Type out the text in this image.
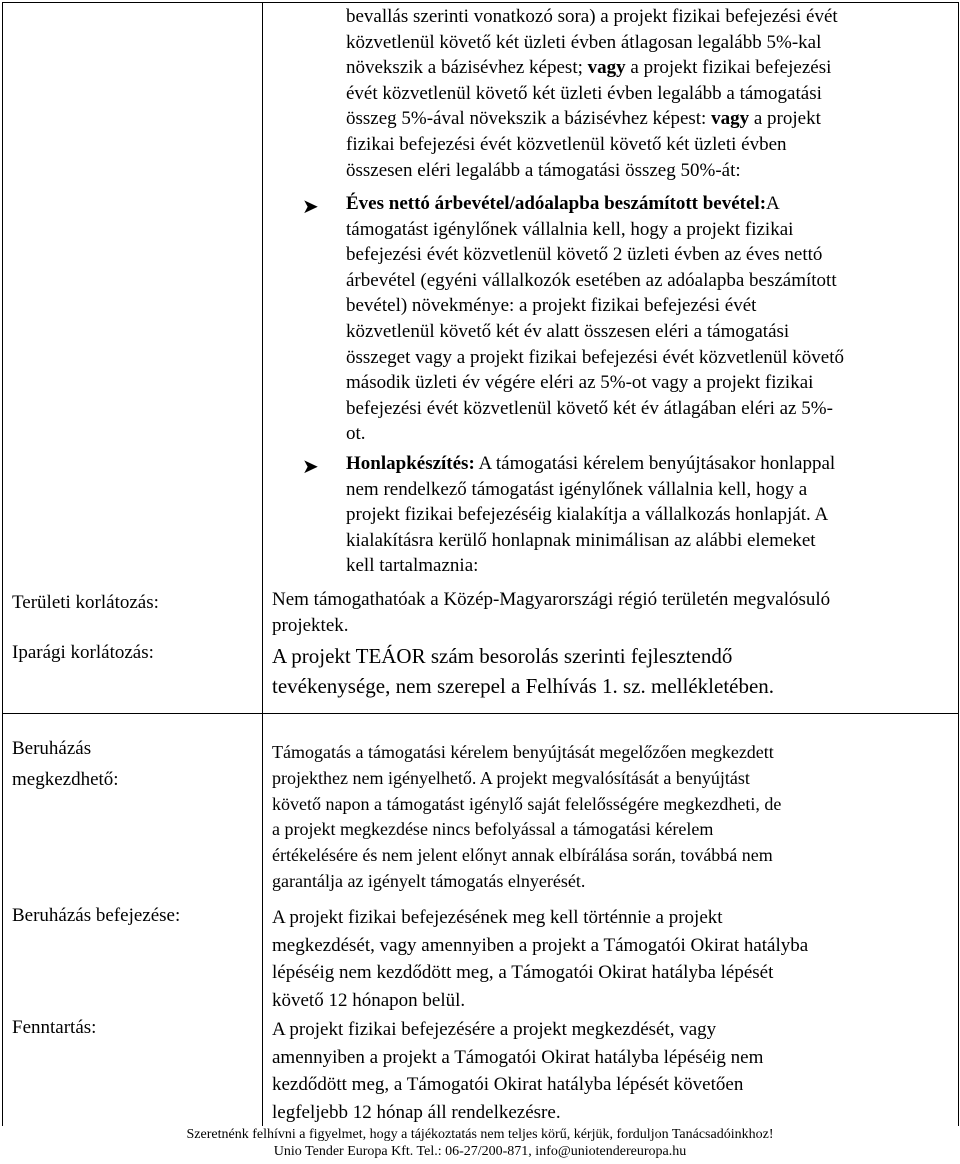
bevallás szerinti vonatkozó sora) a projekt fizikai befejezési évét
közvetlenül követő két üzleti évben átlagosan legalább 5%-kal
növekszik a bázisévhez képest; vagy a projekt fizikai befejezési
évét közvetlenül követő két üzleti évben legalább a támogatási
összeg 5%-ával növekszik a bázisévhez képest: vagy a projekt
fizikai befejezési évét közvetlenül követő két üzleti évben
összesen eléri legalább a támogatási összeg 50%-át:
➤ Éves nettó árbevétel/adóalapba beszámított bevétel:A
támogatást igénylőnek vállalnia kell, hogy a projekt fizikai
befejezési évét közvetlenül követő 2 üzleti évben az éves nettó
árbevétel (egyéni vállalkozók esetében az adóalapba beszámított
bevétel) növekménye: a projekt fizikai befejezési évét
közvetlenül követő két év alatt összesen eléri a támogatási
összeget vagy a projekt fizikai befejezési évét közvetlenül követő
második üzleti év végére eléri az 5%-ot vagy a projekt fizikai
befejezési évét közvetlenül követő két év átlagában eléri az 5%-
ot.
➤ Honlapkészítés: A támogatási kérelem benyújtásakor honlappal
nem rendelkező támogatást igénylőnek vállalnia kell, hogy a
projekt fizikai befejezéséig kialakítja a vállalkozás honlapját. A
kialakításra kerülő honlapnak minimálisan az alábbi elemeket
kell tartalmaznia:
Területi korlátozás:	Nem támogathatóak a Közép-Magyarországi régió területén megvalósuló
projektek.
Iparági korlátozás:	A projekt TEÁOR szám besorolás szerinti fejlesztendő
tevékenysége, nem szerepel a Felhívás 1. sz. mellékletében.
Beruházás
megkezdhető:
Támogatás a támogatási kérelem benyújtását megelőzően megkezdett
projekthez nem igényelhető. A projekt megvalósítását a benyújtást
követő napon a támogatást igénylő saját felelősségére megkezdheti, de
a projekt megkezdése nincs befolyással a támogatási kérelem
értékelésére és nem jelent előnyt annak elbírálása során, továbbá nem
garantálja az igényelt támogatás elnyerését.
Beruházás befejezése:	A projekt fizikai befejezésének meg kell történnie a projekt
megkezdését, vagy amennyiben a projekt a Támogatói Okirat hatályba
lépéséig nem kezdődött meg, a Támogatói Okirat hatályba lépését
követő 12 hónapon belül.
Fenntartás:	A projekt fizikai befejezésére a projekt megkezdését, vagy
amennyiben a projekt a Támogatói Okirat hatályba lépéséig nem
kezdődött meg, a Támogatói Okirat hatályba lépését követően
legfeljebb 12 hónap áll rendelkezésre.
Szeretnénk felhívni a figyelmet, hogy a tájékoztatás nem teljes körű, kérjük, forduljon Tanácsadóinkhoz!
Unio Tender Europa Kft. Tel.: 06-27/200-871, info@uniotendereuropa.hu
